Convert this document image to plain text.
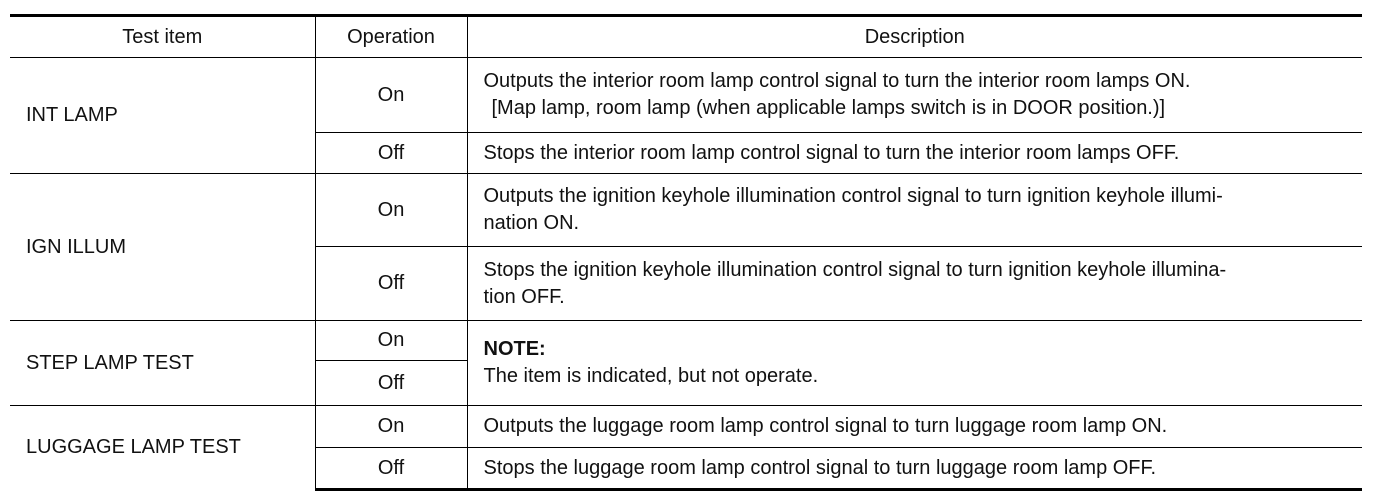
Test item	Operation	Description
INT LAMP	On	Outputs the interior room lamp control signal to turn the interior room lamps ON.
[Map lamp, room lamp (when applicable lamps switch is in DOOR position.)]

	Off	Stops the interior room lamp control signal to turn the interior room lamps OFF.
IGN ILLUM	On	Outputs the ignition keyhole illumination control signal to turn ignition keyhole illumi-
nation ON.

	Off	Stops the ignition keyhole illumination control signal to turn ignition keyhole illumina-
tion OFF.

STEP LAMP TEST	On	NOTE:
The item is indicated, but not operate.

	Off	
LUGGAGE LAMP TEST	On	Outputs the luggage room lamp control signal to turn luggage room lamp ON.
	Off	Stops the luggage room lamp control signal to turn luggage room lamp OFF.
